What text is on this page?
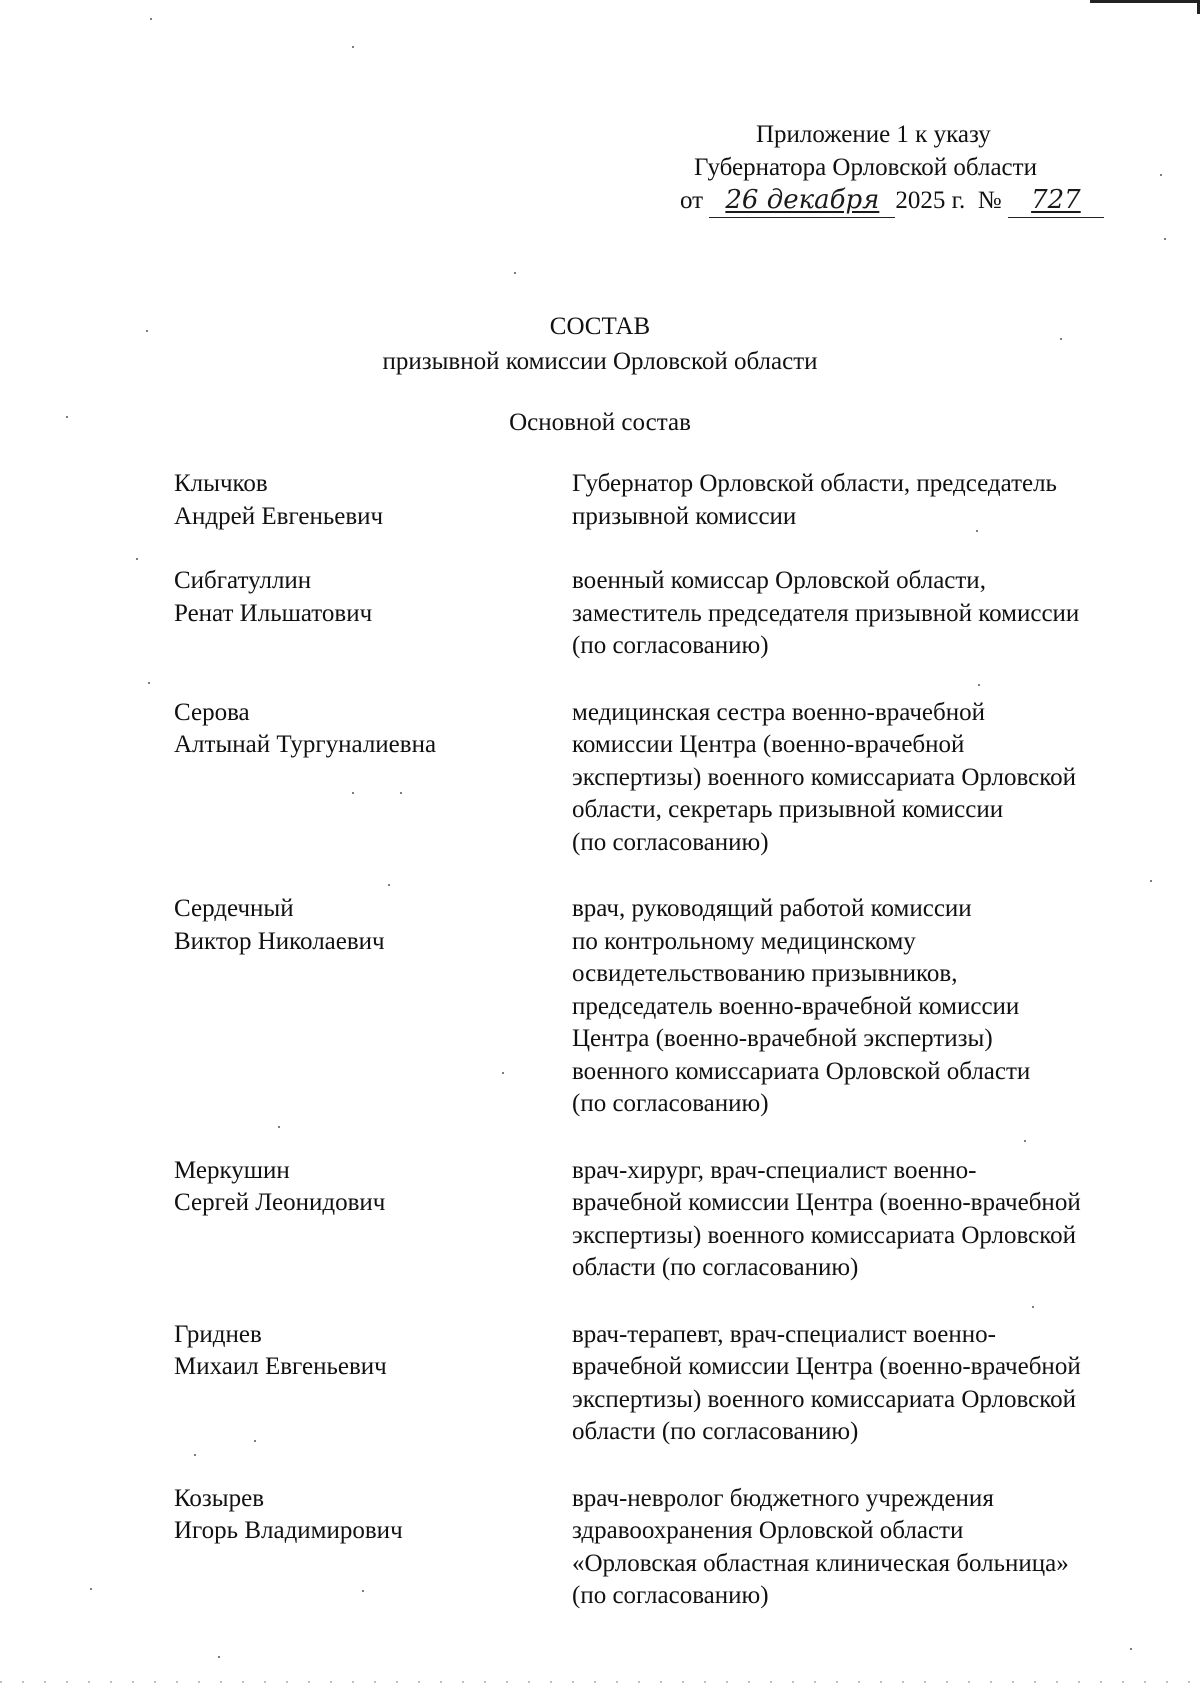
Приложение 1 к указу
Губернатора Орловской области
от 26 декабря 2025 г. № 727
СОСТАВ
призывной комиссии Орловской области
Основной состав
Клычков
Андрей Евгеньевич
Губернатор Орловской области, председатель
призывной комиссии
Сибгатуллин
Ренат Ильшатович
военный комиссар Орловской области,
заместитель председателя призывной комиссии
(по согласованию)
Серова
Алтынай Тургуналиевна
медицинская сестра военно-врачебной
комиссии Центра (военно-врачебной
экспертизы) военного комиссариата Орловской
области, секретарь призывной комиссии
(по согласованию)
Сердечный
Виктор Николаевич
врач, руководящий работой комиссии
по контрольному медицинскому
освидетельствованию призывников,
председатель военно-врачебной комиссии
Центра (военно-врачебной экспертизы)
военного комиссариата Орловской области
(по согласованию)
Меркушин
Сергей Леонидович
врач-хирург, врач-специалист военно-
врачебной комиссии Центра (военно-врачебной
экспертизы) военного комиссариата Орловской
области (по согласованию)
Гриднев
Михаил Евгеньевич
врач-терапевт, врач-специалист военно-
врачебной комиссии Центра (военно-врачебной
экспертизы) военного комиссариата Орловской
области (по согласованию)
Козырев
Игорь Владимирович
врач-невролог бюджетного учреждения
здравоохранения Орловской области
«Орловская областная клиническая больница»
(по согласованию)
